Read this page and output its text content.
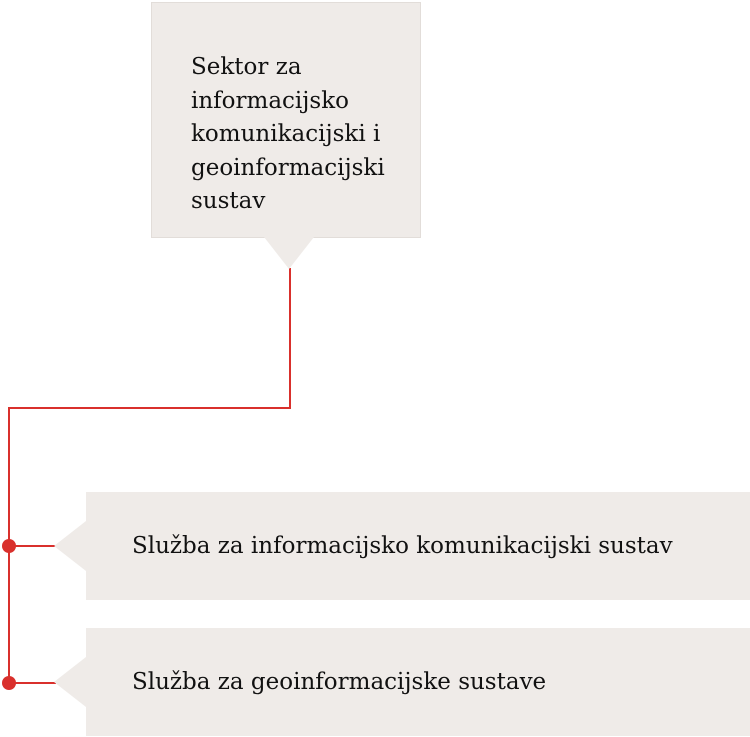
Sektor za informacijsko komunikacijski i geoinformacijski sustav
Služba za informacijsko komunikacijski sustav
Služba za geoinformacijske sustave
